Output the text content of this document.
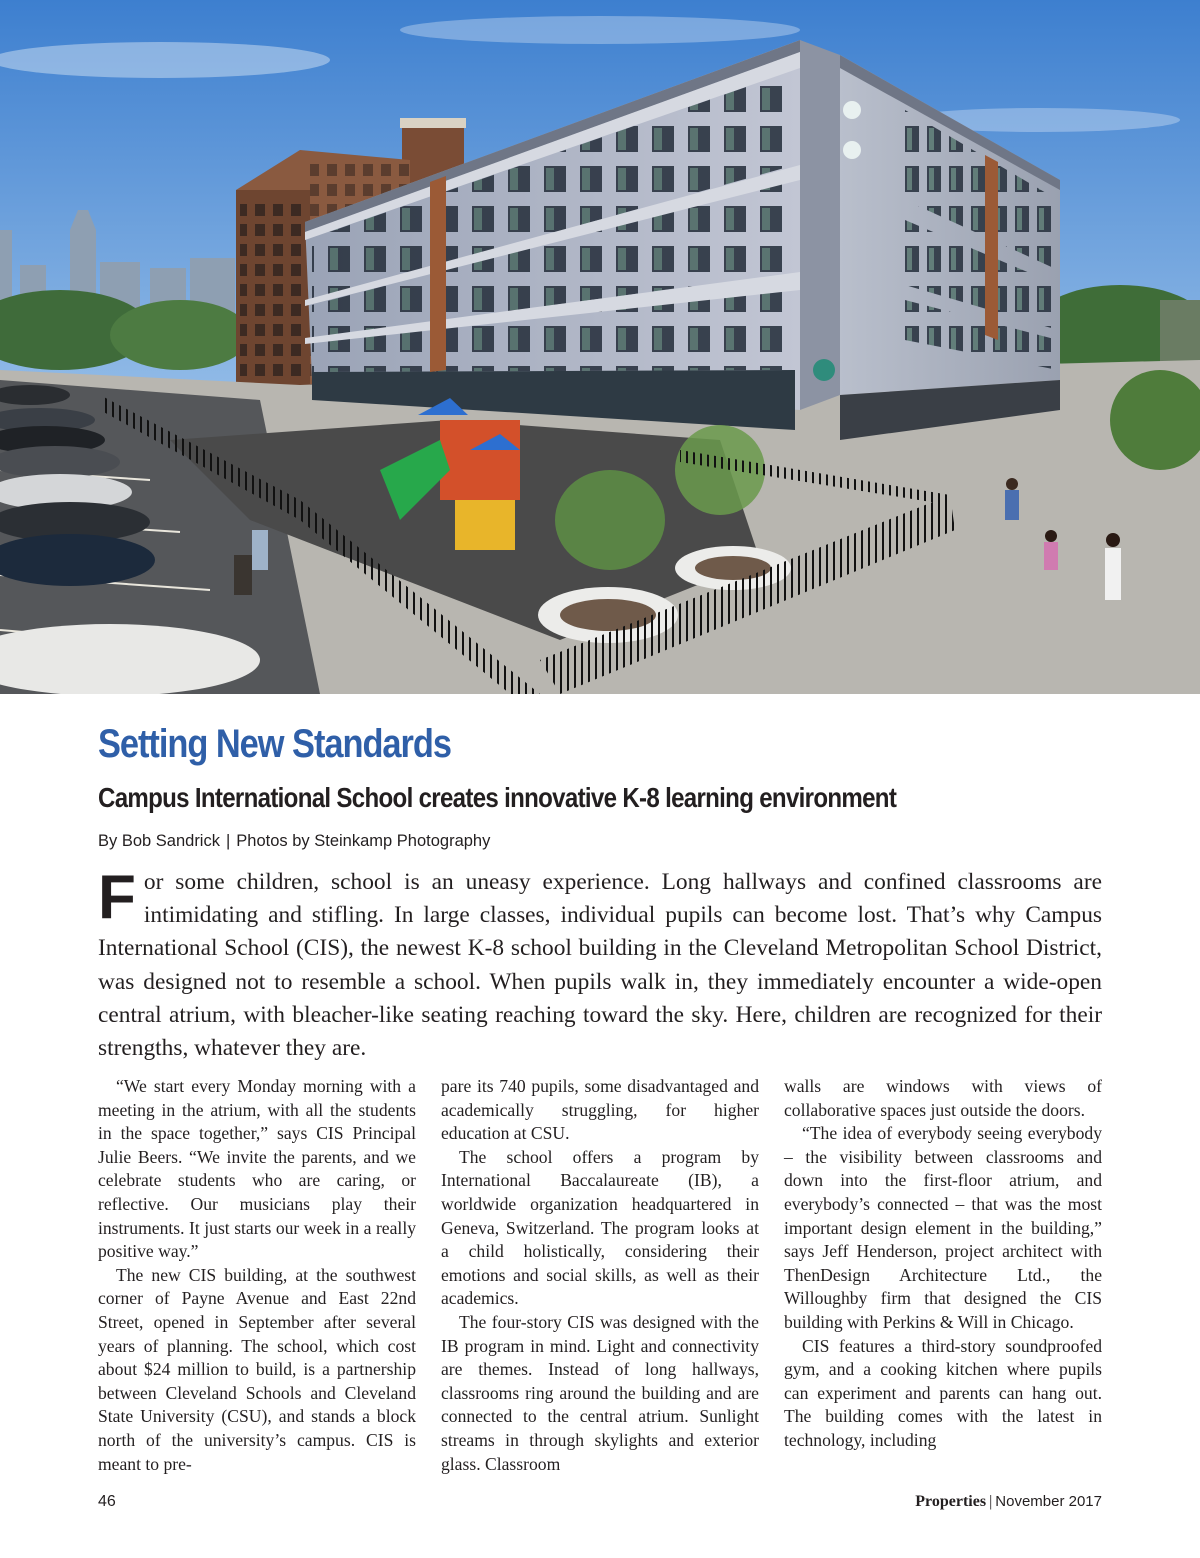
Setting New Standards
Campus International School creates innovative K-8 learning environment
By Bob Sandrick | Photos by Steinkamp Photography

For some children, school is an uneasy experience. Long hallways and confined classrooms are intimidating and stifling. In large classes, individual pupils can become lost. That’s why Campus International School (CIS), the newest K-8 school building in the Cleveland Metropolitan School District, was designed not to resemble a school. When pupils walk in, they immediately encounter a wide-open central atrium, with bleacher-like seating reaching toward the sky. Here, children are recognized for their strengths, whatever they are.

“We start every Monday morning with a meeting in the atrium, with all the students in the space together,” says CIS Principal Julie Beers. “We invite the parents, and we celebrate students who are caring, or reflective. Our musicians play their instruments. It just starts our week in a really positive way.”

The new CIS building, at the southwest corner of Payne Avenue and East 22nd Street, opened in September after several years of planning. The school, which cost about $24 million to build, is a partnership between Cleveland Schools and Cleveland State University (CSU), and stands a block north of the university’s campus. CIS is meant to pre-

pare its 740 pupils, some disadvantaged and academically struggling, for higher education at CSU.

The school offers a program by International Baccalaureate (IB), a worldwide organization headquartered in Geneva, Switzerland. The program looks at a child holistically, considering their emotions and social skills, as well as their academics.

The four-story CIS was designed with the IB program in mind. Light and connectivity are themes. Instead of long hallways, classrooms ring around the building and are connected to the central atrium. Sunlight streams in through skylights and exterior glass. Classroom

walls are windows with views of collaborative spaces just outside the doors.

“The idea of everybody seeing everybody – the visibility between classrooms and down into the first-floor atrium, and everybody’s connected – that was the most important design element in the building,” says Jeff Henderson, project architect with ThenDesign Architecture Ltd., the Willoughby firm that designed the CIS building with Perkins & Will in Chicago.

CIS features a third-story soundproofed gym, and a cooking kitchen where pupils can experiment and parents can hang out. The building comes with the latest in technology, including

46	Properties | November 2017
